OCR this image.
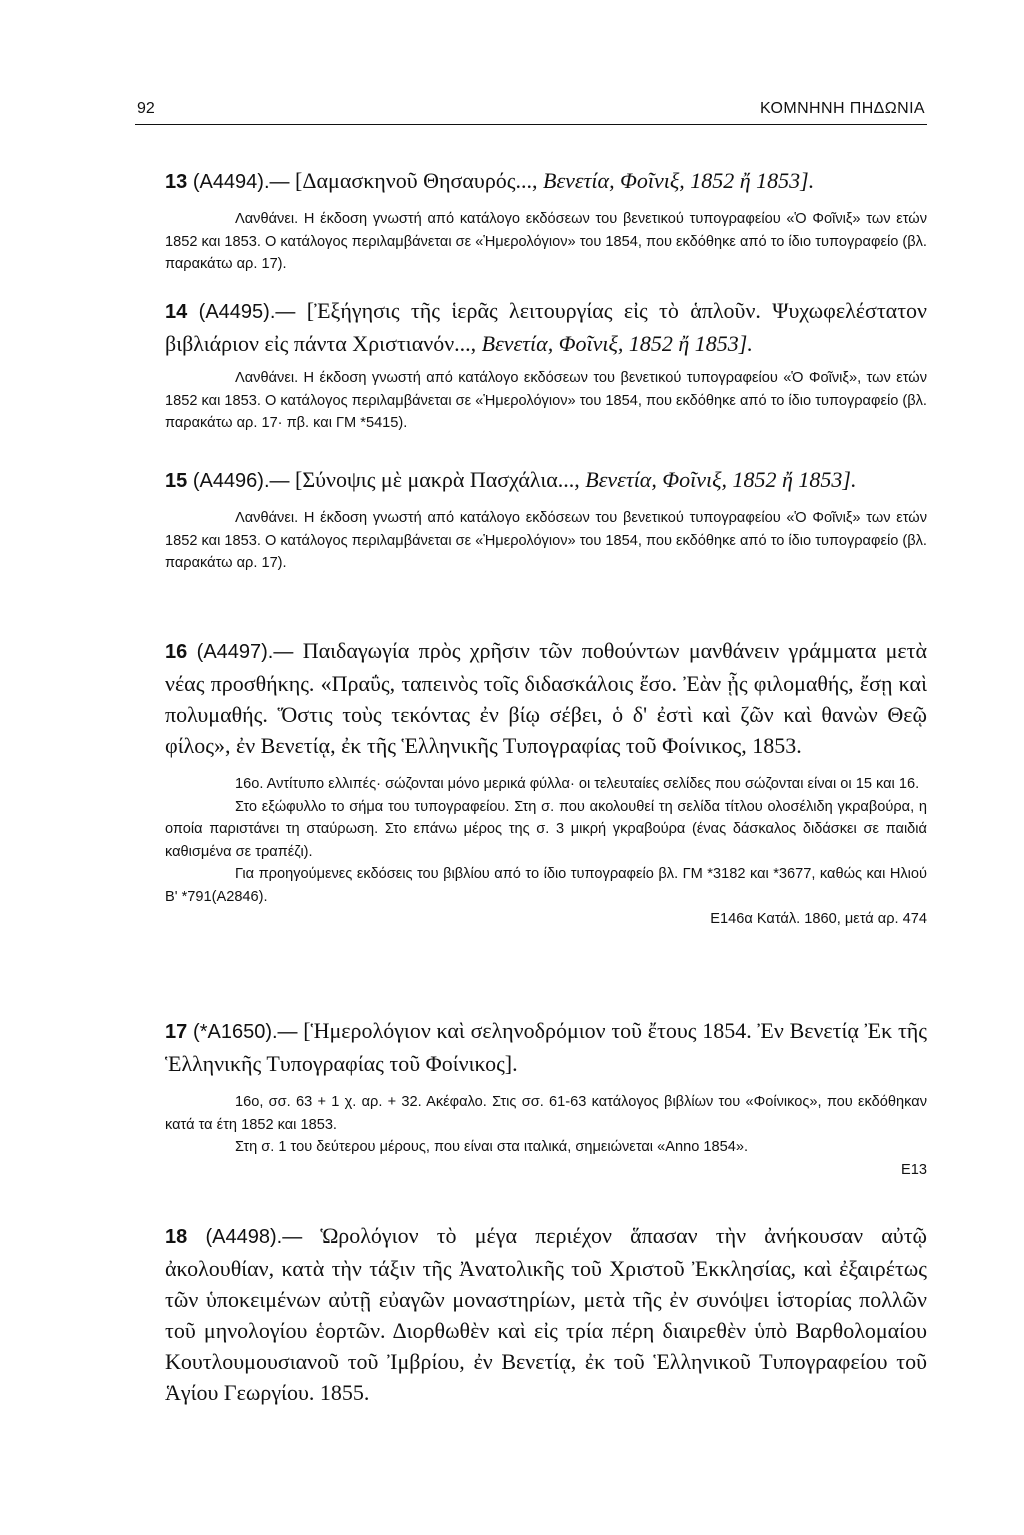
92	ΚΟΜΝΗΝΗ ΠΗΔΩΝΙΑ

13 (Α4494).— [Δαμασκηνοῦ Θησαυρός..., Βενετία, Φοῖνιξ, 1852 ἤ 1853].

Λανθάνει. Η έκδοση γνωστή από κατάλογο εκδόσεων του βενετικού τυπογραφείου «Ὁ Φοῖνιξ» των ετών 1852 και 1853. Ο κατάλογος περιλαμβάνεται σε «Ἡμερολόγιον» του 1854, που εκδόθηκε από το ίδιο τυπογραφείο (βλ. παρακάτω αρ. 17).

14 (Α4495).— [Ἐξήγησις τῆς ἱερᾶς λειτουργίας εἰς τὸ ἁπλοῦν. Ψυχωφελέστατον βιβλιάριον εἰς πάντα Χριστιανόν..., Βενετία, Φοῖνιξ, 1852 ἤ 1853].

Λανθάνει. Η έκδοση γνωστή από κατάλογο εκδόσεων του βενετικού τυπογραφείου «Ὁ Φοῖνιξ», των ετών 1852 και 1853. Ο κατάλογος περιλαμβάνεται σε «Ἡμερολόγιον» του 1854, που εκδόθηκε από το ίδιο τυπογραφείο (βλ. παρακάτω αρ. 17· πβ. και ΓΜ *5415).

15 (Α4496).— [Σύνοψις μὲ μακρὰ Πασχάλια..., Βενετία, Φοῖνιξ, 1852 ἤ 1853].

Λανθάνει. Η έκδοση γνωστή από κατάλογο εκδόσεων του βενετικού τυπογραφείου «Ὁ Φοῖνιξ» των ετών 1852 και 1853. Ο κατάλογος περιλαμβάνεται σε «Ἡμερολόγιον» του 1854, που εκδόθηκε από το ίδιο τυπογραφείο (βλ. παρακάτω αρ. 17).

16 (Α4497).— Παιδαγωγία πρὸς χρῆσιν τῶν ποθούντων μανθάνειν γράμματα μετὰ νέας προσθήκης. «Πραΰς, ταπεινὸς τοῖς διδασκάλοις ἔσο. Ἐὰν ᾖς φιλομαθής, ἔσῃ καὶ πολυμαθής. Ὅστις τοὺς τεκόντας ἐν βίῳ σέβει, ὁ δ' ἐστὶ καὶ ζῶν καὶ θανὼν Θεῷ φίλος», ἐν Βενετίᾳ, ἐκ τῆς Ἑλληνικῆς Τυπογραφίας τοῦ Φοίνικος, 1853.

16ο. Αντίτυπο ελλιπές· σώζονται μόνο μερικά φύλλα· οι τελευταίες σελίδες που σώζονται είναι οι 15 και 16.

Στο εξώφυλλο το σήμα του τυπογραφείου. Στη σ. που ακολουθεί τη σελίδα τίτλου ολοσέλιδη γκραβούρα, η οποία παριστάνει τη σταύρωση. Στο επάνω μέρος της σ. 3 μικρή γκραβούρα (ένας δάσκαλος διδάσκει σε παιδιά καθισμένα σε τραπέζι).

Για προηγούμενες εκδόσεις του βιβλίου από το ίδιο τυπογραφείο βλ. ΓΜ *3182 και *3677, καθώς και Ηλιού Β' *791(Α2846).

Ε146α Κατάλ. 1860, μετά αρ. 474

17 (*Α1650).— [Ἡμερολόγιον καὶ σεληνοδρόμιον τοῦ ἔτους 1854. Ἐν Βενετίᾳ Ἐκ τῆς Ἑλληνικῆς Τυπογραφίας τοῦ Φοίνικος].

16ο, σσ. 63 + 1 χ. αρ. + 32. Ακέφαλο. Στις σσ. 61-63 κατάλογος βιβλίων του «Φοίνικος», που εκδόθηκαν κατά τα έτη 1852 και 1853.

Στη σ. 1 του δεύτερου μέρους, που είναι στα ιταλικά, σημειώνεται «Anno 1854».

Ε13

18 (Α4498).— Ὡρολόγιον τὸ μέγα περιέχον ἅπασαν τὴν ἀνήκουσαν αὐτῷ ἀκολουθίαν, κατὰ τὴν τάξιν τῆς Ἀνατολικῆς τοῦ Χριστοῦ Ἐκκλησίας, καὶ ἐξαιρέτως τῶν ὑποκειμένων αὐτῇ εὐαγῶν μοναστηρίων, μετὰ τῆς ἐν συνόψει ἱστορίας πολλῶν τοῦ μηνολογίου ἑορτῶν. Διορθωθὲν καὶ εἰς τρία πέρη διαιρεθὲν ὑπὸ Βαρθολομαίου Κουτλουμουσιανοῦ τοῦ Ἰμβρίου, ἐν Βενετίᾳ, ἐκ τοῦ Ἑλληνικοῦ Τυπογραφείου τοῦ Ἁγίου Γεωργίου. 1855.
